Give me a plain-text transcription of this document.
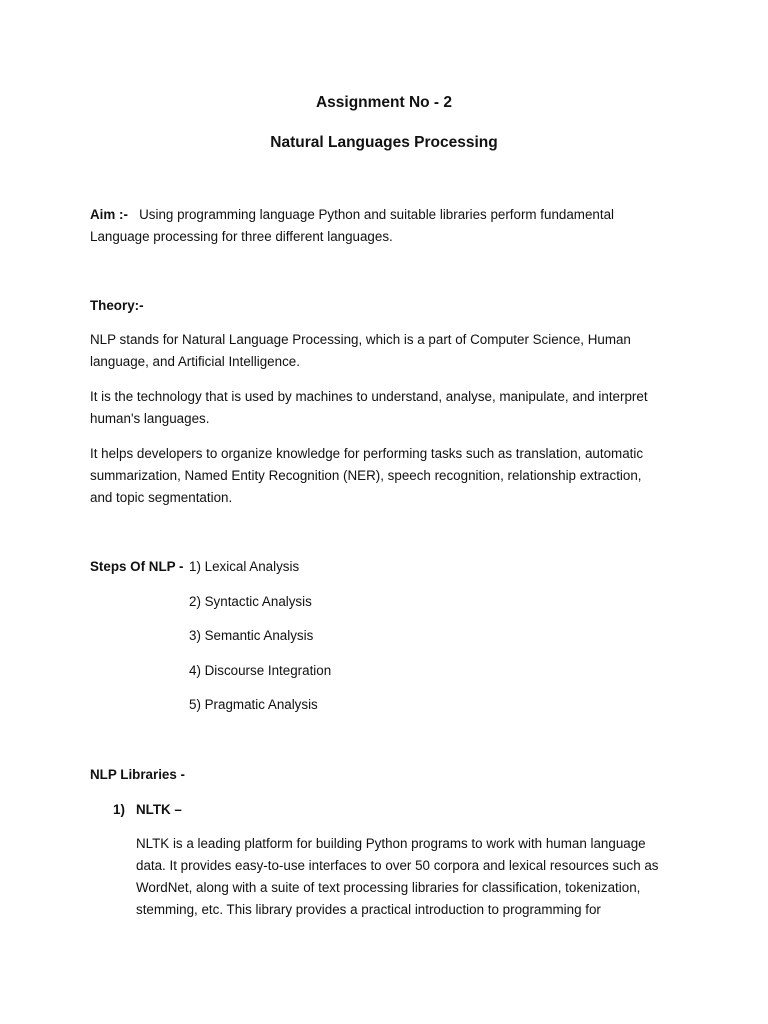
Assignment No - 2
Natural Languages Processing
Aim :- Using programming language Python and suitable libraries perform fundamental
Language processing for three different languages.
Theory:-
NLP stands for Natural Language Processing, which is a part of Computer Science, Human
language, and Artificial Intelligence.
It is the technology that is used by machines to understand, analyse, manipulate, and interpret
human's languages.
It helps developers to organize knowledge for performing tasks such as translation, automatic
summarization, Named Entity Recognition (NER), speech recognition, relationship extraction,
and topic segmentation.
Steps Of NLP - 1) Lexical Analysis
2) Syntactic Analysis
3) Semantic Analysis
4) Discourse Integration
5) Pragmatic Analysis
NLP Libraries -
1) NLTK –
NLTK is a leading platform for building Python programs to work with human language
data. It provides easy-to-use interfaces to over 50 corpora and lexical resources such as
WordNet, along with a suite of text processing libraries for classification, tokenization,
stemming, etc. This library provides a practical introduction to programming for
